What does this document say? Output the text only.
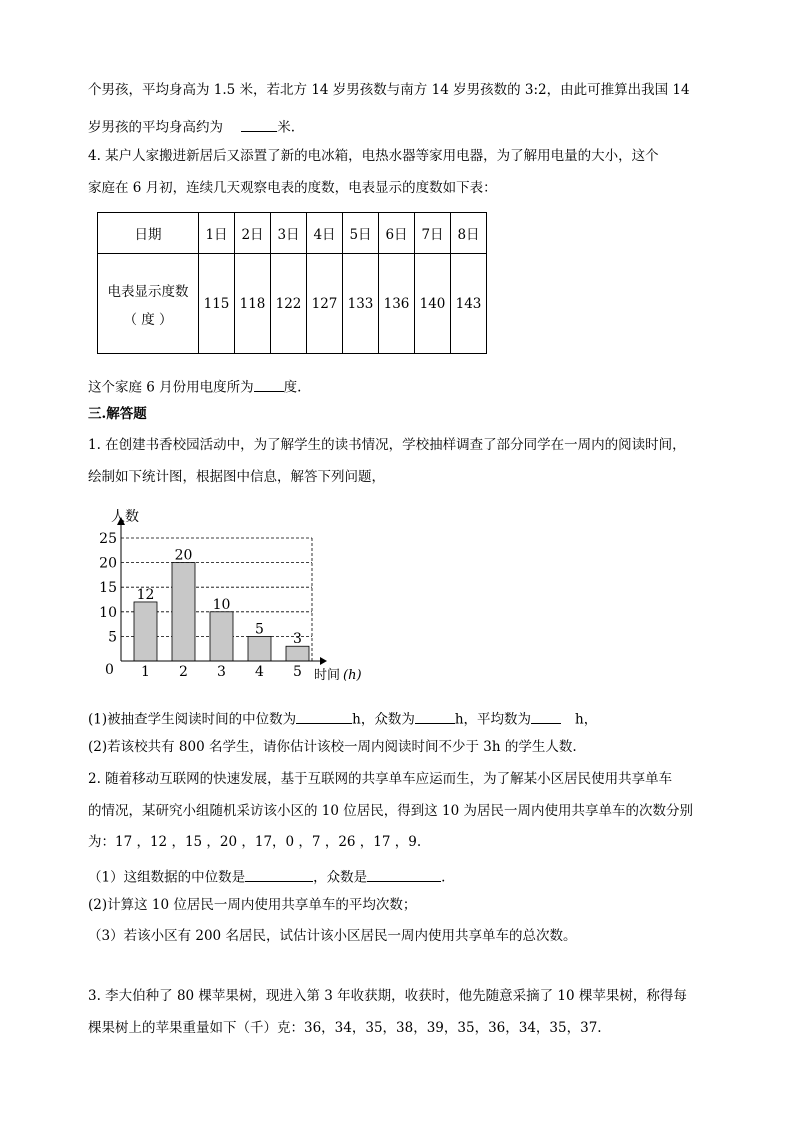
个男孩，平均身高为 1.5 米，若北方 14 岁男孩数与南方 14 岁男孩数的 3:2，由此可推算出我国 14
岁男孩的平均身高约为	米.
4. 某户人家搬进新居后又添置了新的电冰箱，电热水器等家用电器，为了解用电量的大小，这个
家庭在 6 月初，连续几天观察电表的度数，电表显示的度数如下表：
日期	1日	2日	3日	4日	5日	6日	7日	8日

电表显示度数
（ 度 ）	115	118	122	127	133	136	140	143
这个家庭 6 月份用电度所为 度.
三.解答题
1. 在创建书香校园活动中，为了解学生的读书情况，学校抽样调查了部分同学在一周内的阅读时间，
绘制如下统计图，根据图中信息，解答下列问题，
12
20
10
5
3
5
10
15
20
25
1 2 3 4 5
人数
时间 (h)
0
(1)被抽查学生阅读时间的中位数为	h，众数为	h，平均数为	h，
(2)若该校共有 800 名学生，请你估计该校一周内阅读时间不少于 3h 的学生人数.
2. 随着移动互联网的快速发展，基于互联网的共享单车应运而生，为了解某小区居民使用共享单车
的情况，某研究小组随机采访该小区的 10 位居民，得到这 10 为居民一周内使用共享单车的次数分别
为：17 ，12 ，15 ，20 ，17，0 ，7 ，26 ，17 ，9.
（1）这组数据的中位数是	，众数是	.
(2)计算这 10 位居民一周内使用共享单车的平均次数；
（3）若该小区有 200 名居民，试估计该小区居民一周内使用共享单车的总次数。
3. 李大伯种了 80 棵苹果树，现进入第 3 年收获期，收获时，他先随意采摘了 10 棵苹果树，称得每
棵果树上的苹果重量如下（千）克：36，34，35，38，39，35，36，34，35，37.
